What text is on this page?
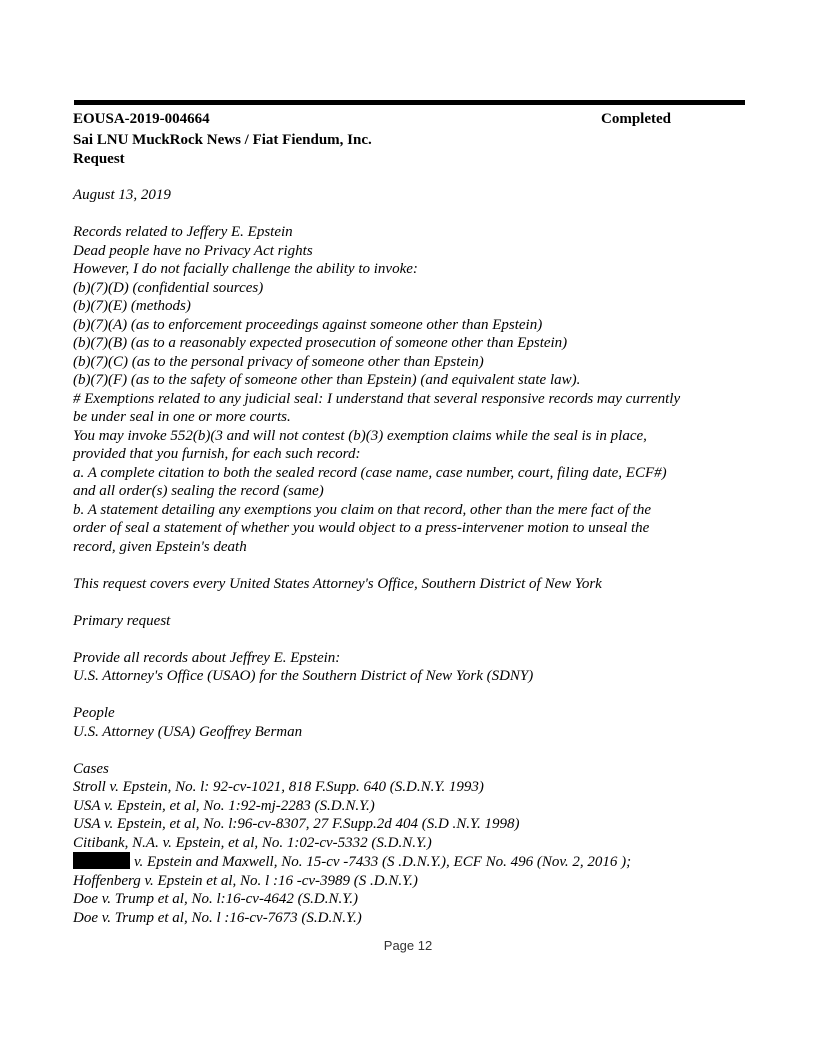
EOUSA-2019-004664	Completed
Sai LNU MuckRock News / Fiat Fiendum, Inc.
Request

August 13, 2019

Records related to Jeffery E. Epstein

Dead people have no Privacy Act rights

However, I do not facially challenge the ability to invoke:

(b)(7)(D) (confidential sources)

(b)(7)(E) (methods)

(b)(7)(A) (as to enforcement proceedings against someone other than Epstein)

(b)(7)(B) (as to a reasonably expected prosecution of someone other than Epstein)

(b)(7)(C) (as to the personal privacy of someone other than Epstein)

(b)(7)(F) (as to the safety of someone other than Epstein) (and equivalent state law).

# Exemptions related to any judicial seal: I understand that several responsive records may currently

be under seal in one or more courts.

You may invoke 552(b)(3 and will not contest (b)(3) exemption claims while the seal is in place,

provided that you furnish, for each such record:

a. A complete citation to both the sealed record (case name, case number, court, filing date, ECF#)

and all order(s) sealing the record (same)

b. A statement detailing any exemptions you claim on that record, other than the mere fact of the

order of seal a statement of whether you would object to a press-intervener motion to unseal the

record, given Epstein's death

This request covers every United States Attorney's Office, Southern District of New York

Primary request

Provide all records about Jeffrey E. Epstein:

U.S. Attorney's Office (USAO) for the Southern District of New York (SDNY)

People

U.S. Attorney (USA) Geoffrey Berman

Cases

Stroll v. Epstein, No. l: 92-cv-1021, 818 F.Supp. 640 (S.D.N.Y. 1993)

USA v. Epstein, et al, No. 1:92-mj-2283 (S.D.N.Y.)

USA v. Epstein, et al, No. l:96-cv-8307, 27 F.Supp.2d 404 (S.D .N.Y. 1998)

Citibank, N.A. v. Epstein, et al, No. 1:02-cv-5332 (S.D.N.Y.)

v. Epstein and Maxwell, No. 15-cv -7433 (S .D.N.Y.), ECF No. 496 (Nov. 2, 2016 );

Hoffenberg v. Epstein et al, No. l :16 -cv-3989 (S .D.N.Y.)

Doe v. Trump et al, No. l:16-cv-4642 (S.D.N.Y.)

Doe v. Trump et al, No. l :16-cv-7673 (S.D.N.Y.)

Page 12
